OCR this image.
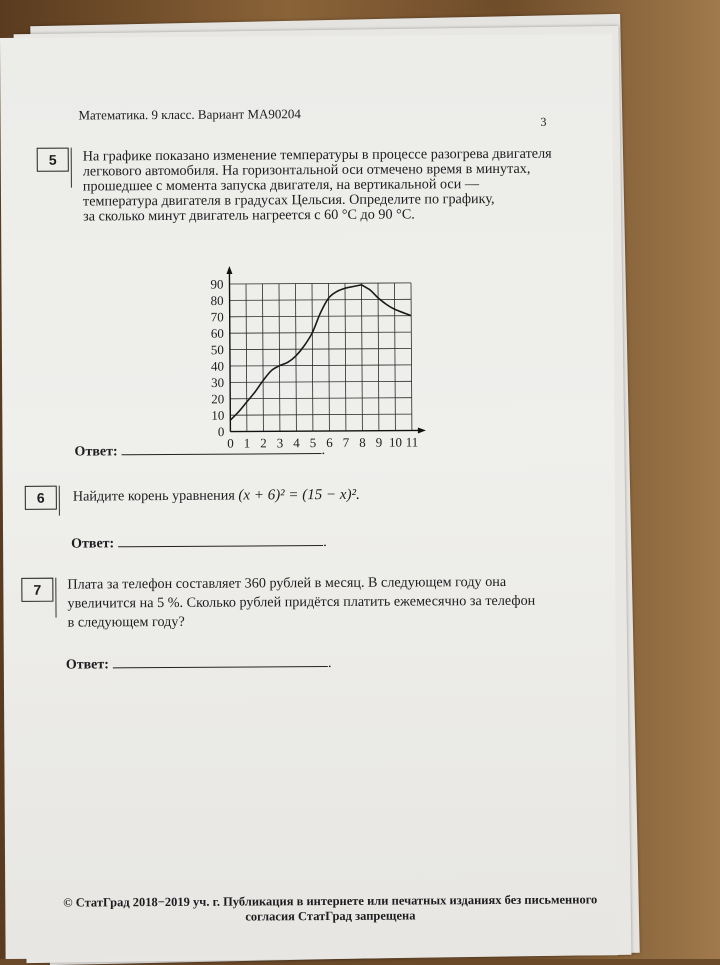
Математика. 9 класс. Вариант МА90204	3
5	На графике показано изменение температуры в процессе разогрева двигателя
легкового автомобиля. На горизонтальной оси отмечено время в минутах,
прошедшее с момента запуска двигателя, на вертикальной оси —
температура двигателя в градусах Цельсия. Определите по графику,
за сколько минут двигатель нагреется с 60 °C до 90 °C.
0 1 2 3 4 5 6 7 8 9 10 11
0
10
20
30
40
50
60
70
80
90
Ответ:	.
6	Найдите корень уравнения (x + 6)² = (15 − x)².
Ответ:	.
7	Плата за телефон составляет 360 рублей в месяц. В следующем году она
увеличится на 5 %. Сколько рублей придётся платить ежемесячно за телефон
в следующем году?
Ответ:	.
© СтатГрад 2018−2019 уч. г. Публикация в интернете или печатных изданиях без письменного
согласия СтатГрад запрещена
